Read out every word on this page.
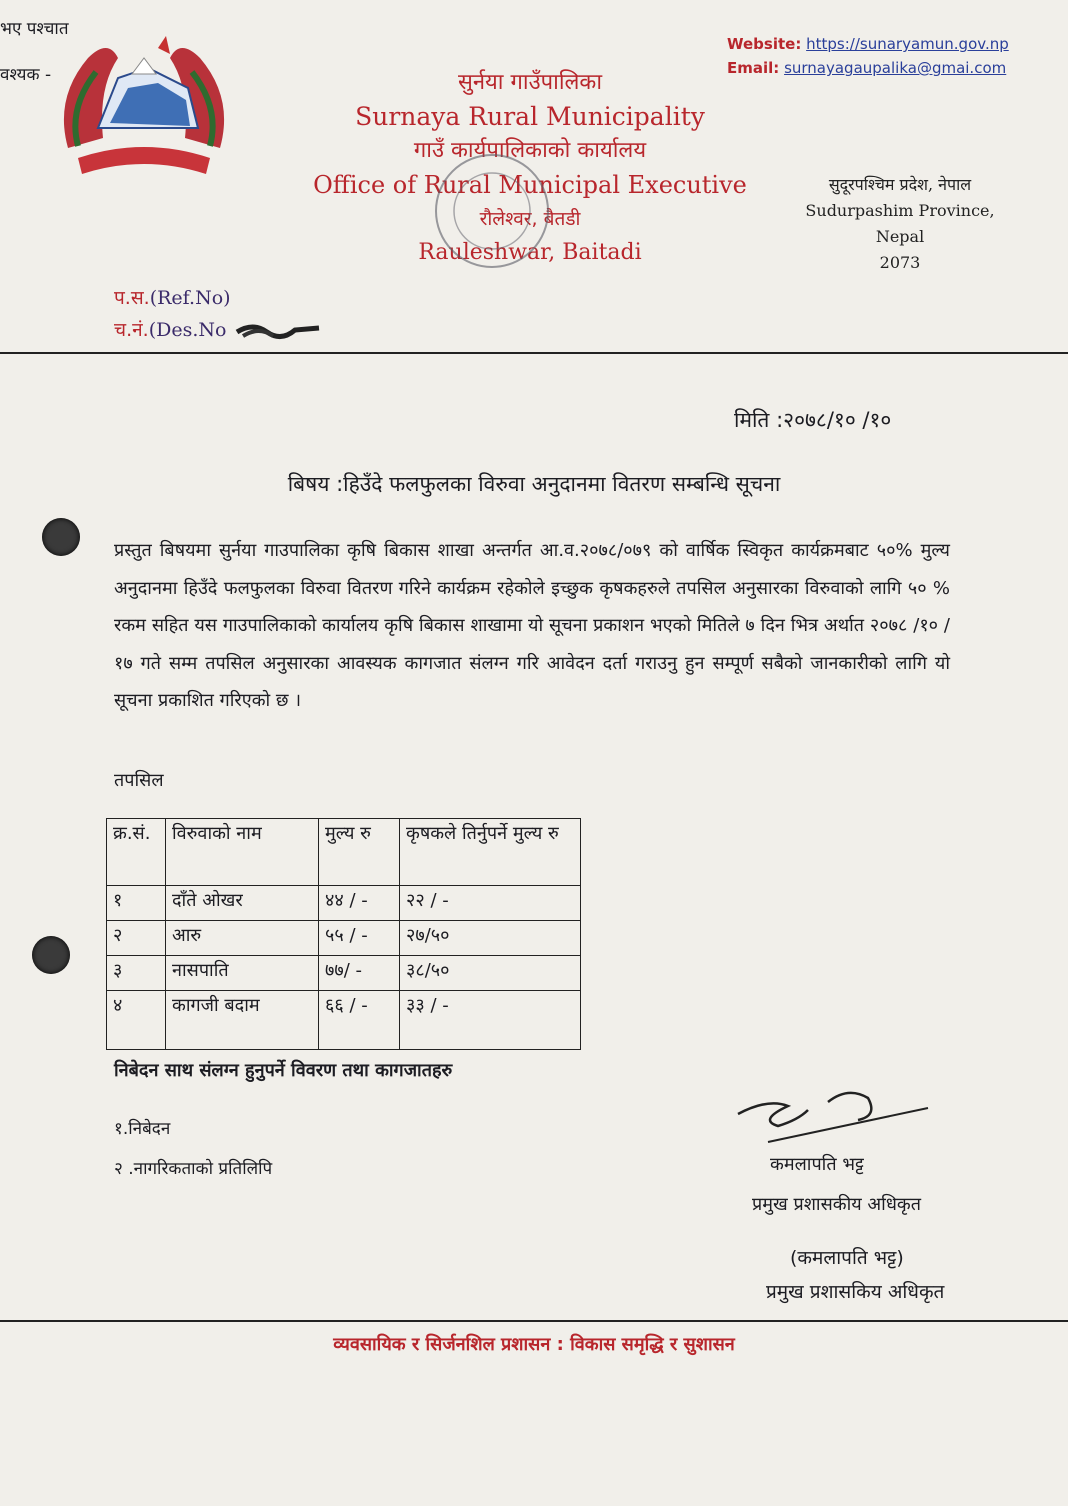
भए पश्चात
वश्यक -	सुर्नया गाउँपालिका
Surnaya Rural Municipality
गाउँ कार्यपालिकाको कार्यालय
Office of Rural Municipal Executive
रौलेश्वर, बैतडी
Rauleshwar, Baitadi
Website: https://sunaryamun.gov.np
Email: surnayagaupalika@gmai.com
सुदूरपश्चिम प्रदेश, नेपाल
Sudurpashim Province,
Nepal
2073
प.स.(Ref.No)
च.नं.(Des.No
मिति :२०७८/१० /१०
बिषय :हिउँदे फलफुलका विरुवा अनुदानमा वितरण सम्बन्धि सूचना
प्रस्तुत बिषयमा सुर्नया गाउपालिका कृषि बिकास शाखा अन्तर्गत आ.व.२०७८/०७९ को वार्षिक स्विकृत कार्यक्रमबाट ५०% मुल्य अनुदानमा हिउँदे फलफुलका विरुवा वितरण गरिने कार्यक्रम रहेकोले इच्छुक कृषकहरुले तपसिल अनुसारका विरुवाको लागि ५० % रकम सहित यस गाउपालिकाको कार्यालय कृषि बिकास शाखामा यो सूचना प्रकाशन भएको मितिले ७ दिन भित्र अर्थात २०७८ /१० /१७ गते सम्म तपसिल अनुसारका आवस्यक कागजात संलग्न गरि आवेदन दर्ता गराउनु हुन सम्पूर्ण सबैको जानकारीको लागि यो सूचना प्रकाशित गरिएको छ ।
तपसिल
क्र.सं.	विरुवाको नाम	मुल्य रु	कृषकले तिर्नुपर्ने मुल्य रु
१	दाँते ओखर	४४ / -	२२ / -
२	आरु	५५ / -	२७/५०
३	नासपाति	७७/ -	३८/५०
४	कागजी बदाम	६६ / -	३३ / -
निबेदन साथ संलग्न हुनुपर्ने विवरण तथा कागजातहरु
१.निबेदन
२ .नागरिकताको प्रतिलिपि	कमलापति भट्ट
प्रमुख प्रशासकीय अधिकृत
(कमलापति भट्ट)
प्रमुख प्रशासकिय अधिकृत
व्यवसायिक र सिर्जनशिल प्रशासन : विकास समृद्धि र सुशासन
